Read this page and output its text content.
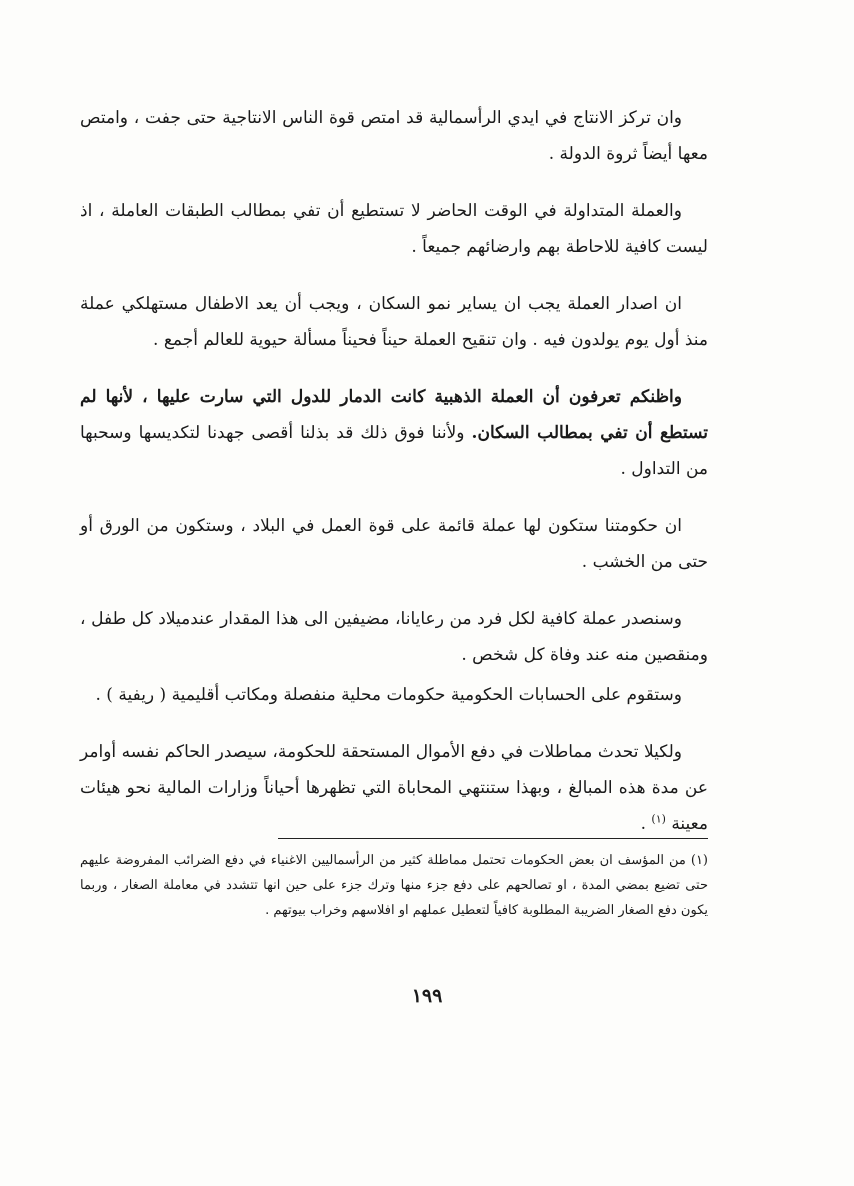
وان تركز الانتاج في ايدي الرأسمالية قد امتص قوة الناس الانتاجية حتى جفت ، وامتص معها أيضاً ثروة الدولة .

والعملة المتداولة في الوقت الحاضر لا تستطيع أن تفي بمطالب الطبقات العاملة ، اذ ليست كافية للاحاطة بهم وارضائهم جميعاً .

ان اصدار العملة يجب ان يساير نمو السكان ، ويجب أن يعد الاطفال مستهلكي عملة منذ أول يوم يولدون فيه . وان تنقيح العملة حيناً فحيناً مسألة حيوية للعالم أجمع .

واظنكم تعرفون أن العملة الذهبية كانت الدمار للدول التي سارت عليها ، لأنها لم تستطع أن تفي بمطالب السكان. ولأننا فوق ذلك قد بذلنا أقصى جهدنا لتكديسها وسحبها من التداول .

ان حكومتنا ستكون لها عملة قائمة على قوة العمل في البلاد ، وستكون من الورق أو حتى من الخشب .

وسنصدر عملة كافية لكل فرد من رعايانا، مضيفين الى هذا المقدار عندميلاد كل طفل ، ومنقصين منه عند وفاة كل شخص .

وستقوم على الحسابات الحكومية حكومات محلية منفصلة ومكاتب أقليمية ( ريفية ) .

ولكيلا تحدث مماطلات في دفع الأموال المستحقة للحكومة، سيصدر الحاكم نفسه أوامر عن مدة هذه المبالغ ، وبهذا ستنتهي المحاباة التي تظهرها أحياناً وزارات المالية نحو هيئات معينة $^{(١)}$ .

(١) من المؤسف ان بعض الحكومات تحتمل مماطلة كثير من الرأسماليين الاغنياء في دفع الضرائب المفروضة عليهم حتى تضيع بمضي المدة ، او تصالحهم على دفع جزء منها وترك جزء على حين انها تتشدد في معاملة الصغار ، وربما يكون دفع الصغار الضريبة المطلوبة كافياً لتعطيل عملهم او افلاسهم وخراب بيوتهم .

١٩٩
